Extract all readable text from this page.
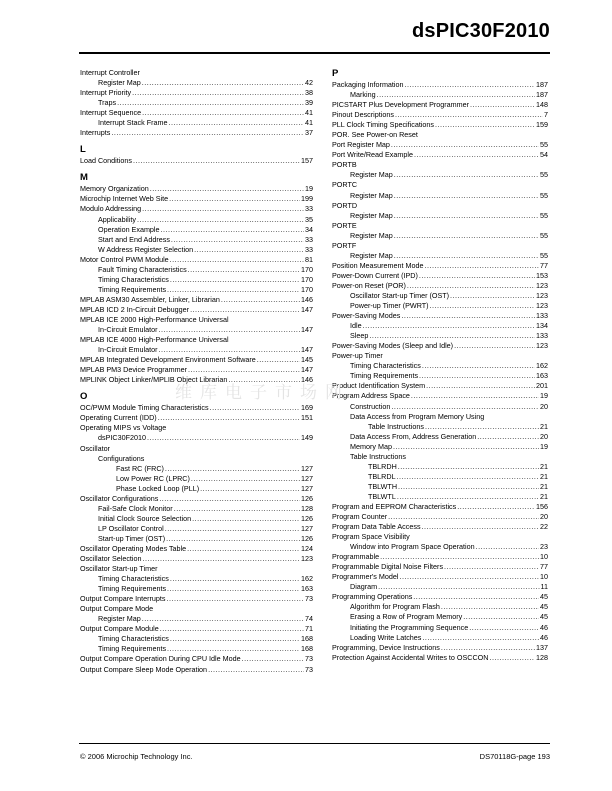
dsPIC30F2010
Interrupt Controller
Register Map .....	42
Interrupt Priority .....	38
Traps .....	39
Interrupt Sequence .....	41
Interrupt Stack Frame .....	41
Interrupts .....	37
L
Load Conditions .....	157
M
Memory Organization .....	19
Microchip Internet Web Site .....	199
Modulo Addressing .....	33
Applicability .....	35
Operation Example .....	34
Start and End Address .....	33
W Address Register Selection .....	33
Motor Control PWM Module .....	81
Fault Timing Characteristics .....	170
Timing Characteristics .....	170
Timing Requirements .....	170
MPLAB ASM30 Assembler, Linker, Librarian .....	146
MPLAB ICD 2 In-Circuit Debugger .....	147
MPLAB ICE 2000 High-Performance Universal
In-Circuit Emulator .....	147
MPLAB ICE 4000 High-Performance Universal
In-Circuit Emulator .....	147
MPLAB Integrated Development Environment Software .....	145
MPLAB PM3 Device Programmer .....	147
MPLINK Object Linker/MPLIB Object Librarian .....	146
O
OC/PWM Module Timing Characteristics .....	169
Operating Current (IDD) .....	151
Operating MIPS vs Voltage
dsPIC30F2010 .....	149
Oscillator
Configurations
Fast RC (FRC) .....	127
Low Power RC (LPRC) .....	127
Phase Locked Loop (PLL) .....	127
Oscillator Configurations .....	126
Fail-Safe Clock Monitor .....	128
Initial Clock Source Selection .....	126
LP Oscillator Control .....	127
Start-up Timer (OST) .....	126
Oscillator Operating Modes Table .....	124
Oscillator Selection .....	123
Oscillator Start-up Timer
Timing Characteristics .....	162
Timing Requirements .....	163
Output Compare Interrupts .....	73
Output Compare Mode
Register Map .....	74
Output Compare Module .....	71
Timing Characteristics .....	168
Timing Requirements .....	168
Output Compare Operation During CPU Idle Mode .....	73
Output Compare Sleep Mode Operation .....	73
P
Packaging Information .....	187
Marking .....	187
PICSTART Plus Development Programmer .....	148
Pinout Descriptions .....	7
PLL Clock Timing Specifications .....	159
POR. See Power-on Reset
Port Register Map .....	55
Port Write/Read Example .....	54
PORTB
Register Map .....	55
PORTC
Register Map .....	55
PORTD
Register Map .....	55
PORTE
Register Map .....	55
PORTF
Register Map .....	55
Position Measurement Mode .....	77
Power-Down Current (IPD) .....	153
Power-on Reset (POR) .....	123
Oscillator Start-up Timer (OST) .....	123
Power-up Timer (PWRT) .....	123
Power-Saving Modes .....	133
Idle .....	134
Sleep .....	133
Power-Saving Modes (Sleep and Idle) .....	123
Power-up Timer
Timing Characteristics .....	162
Timing Requirements .....	163
Product Identification System .....	201
Program Address Space .....	19
Construction .....	20
Data Access from Program Memory Using
Table Instructions .....	21
Data Access From, Address Generation .....	20
Memory Map .....	19
Table Instructions
TBLRDH .....	21
TBLRDL .....	21
TBLWTH .....	21
TBLWTL .....	21
Program and EEPROM Characteristics .....	156
Program Counter .....	20
Program Data Table Access .....	22
Program Space Visibility
Window into Program Space Operation .....	23
Programmable .....	10
Programmable Digital Noise Filters .....	77
Programmer's Model .....	10
Diagram .....	11
Programming Operations .....	45
Algorithm for Program Flash .....	45
Erasing a Row of Program Memory .....	45
Initiating the Programming Sequence .....	46
Loading Write Latches .....	46
Programming, Device Instructions .....	137
Protection Against Accidental Writes to OSCCON .....	128
维库电子市场网
© 2006 Microchip Technology Inc.	DS70118G-page 193
